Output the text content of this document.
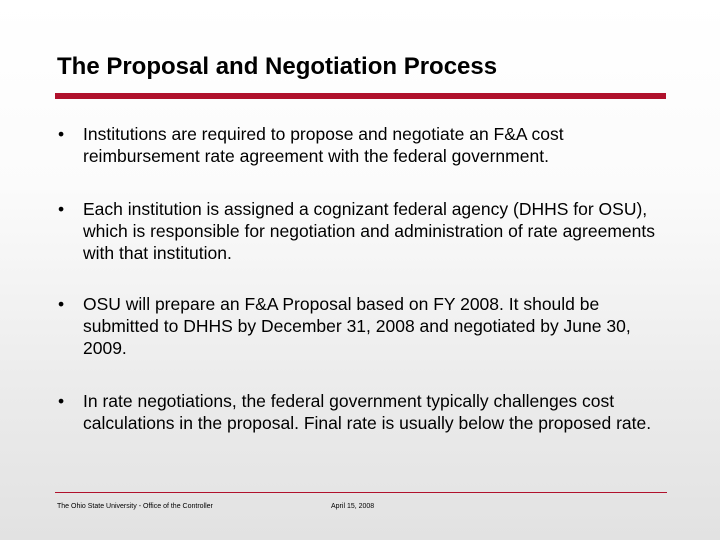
The Proposal and Negotiation Process
•	Institutions are required to propose and negotiate an F&A cost reimbursement rate agreement with the federal government.
•	Each institution is assigned a cognizant federal agency (DHHS for OSU), which is responsible for negotiation and administration of rate agreements with that institution.
•	OSU will prepare an F&A Proposal based on FY 2008. It should be submitted to DHHS by December 31, 2008 and negotiated by June 30, 2009.
•	In rate negotiations, the federal government typically challenges cost calculations in the proposal. Final rate is usually below the proposed rate.
The Ohio State University - Office of the Controller	April 15, 2008
